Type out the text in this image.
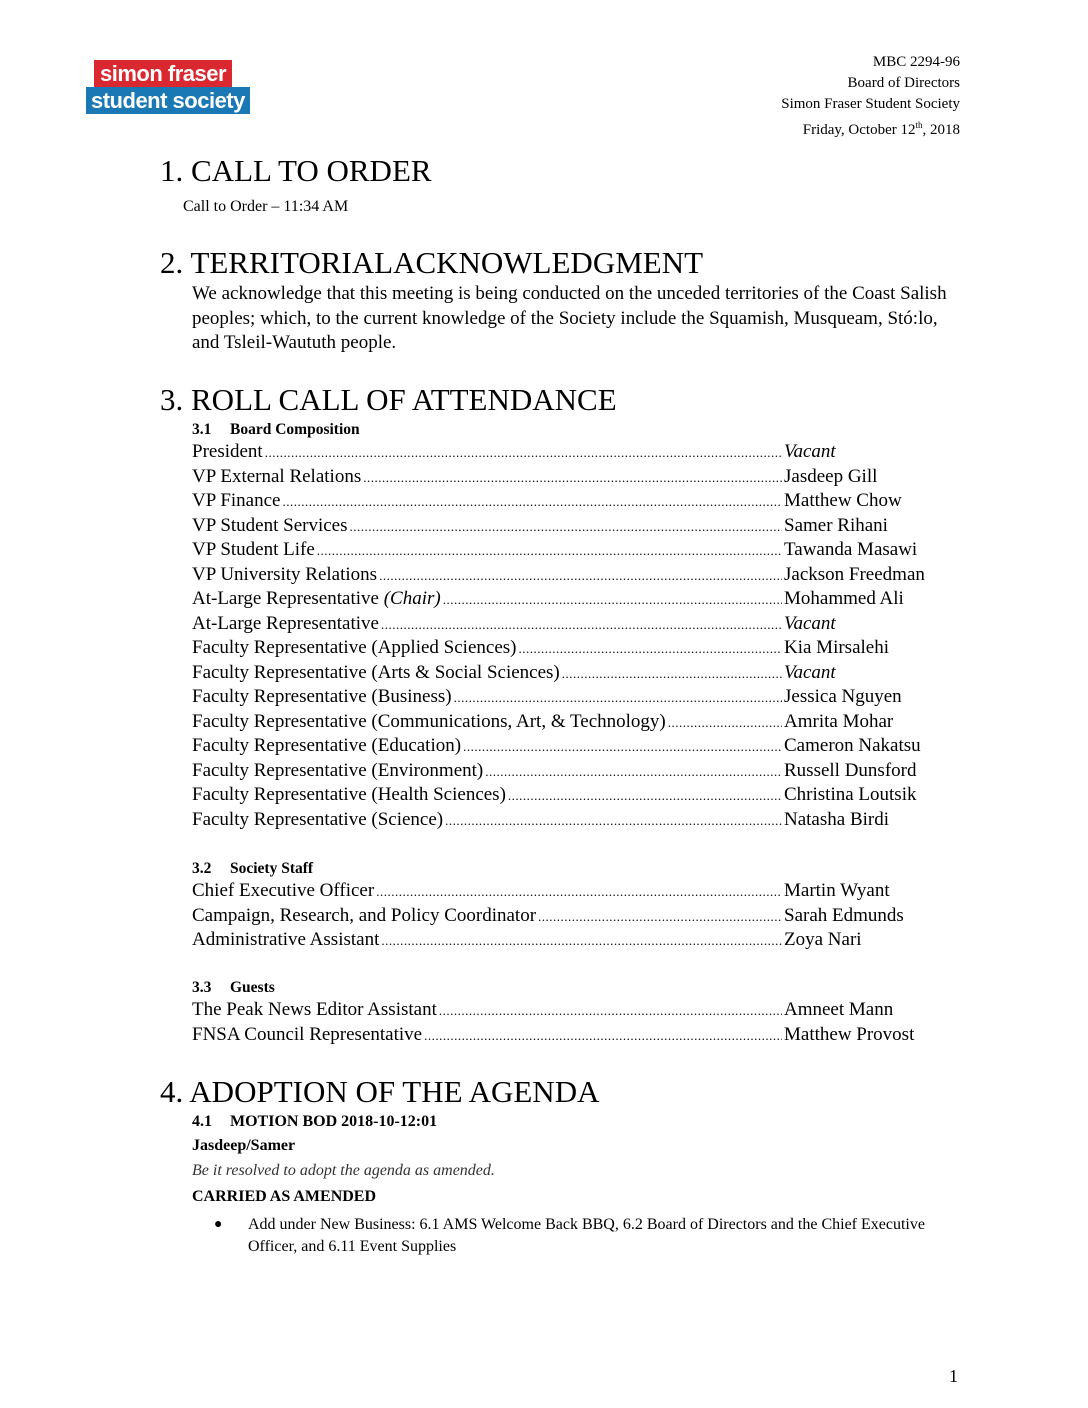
simon fraser
student society
MBC 2294-96
Board of Directors
Simon Fraser Student Society
Friday, October 12th, 2018
1. CALL TO ORDER
Call to Order – 11:34 AM
2. TERRITORIALACKNOWLEDGMENT
We acknowledge that this meeting is being conducted on the unceded territories of the Coast Salish peoples; which, to the current knowledge of the Society include the Squamish, Musqueam, Stó:lo, and Tsleil-Waututh people.
3. ROLL CALL OF ATTENDANCE
3.1 Board Composition
President .....	Vacant
VP External Relations .....	Jasdeep Gill
VP Finance .....	Matthew Chow
VP Student Services .....	Samer Rihani
VP Student Life .....	Tawanda Masawi
VP University Relations .....	Jackson Freedman
At-Large Representative (Chair) .....	Mohammed Ali
At-Large Representative .....	Vacant
Faculty Representative (Applied Sciences) .....	Kia Mirsalehi
Faculty Representative (Arts & Social Sciences) .....	Vacant
Faculty Representative (Business) .....	Jessica Nguyen
Faculty Representative (Communications, Art, & Technology) .....	Amrita Mohar
Faculty Representative (Education) .....	Cameron Nakatsu
Faculty Representative (Environment) .....	Russell Dunsford
Faculty Representative (Health Sciences) .....	Christina Loutsik
Faculty Representative (Science) .....	Natasha Birdi
3.2 Society Staff
Chief Executive Officer .....	Martin Wyant
Campaign, Research, and Policy Coordinator .....	Sarah Edmunds
Administrative Assistant .....	Zoya Nari
3.3 Guests
The Peak News Editor Assistant .....	Amneet Mann
FNSA Council Representative .....	Matthew Provost
4. ADOPTION OF THE AGENDA
4.1 MOTION BOD 2018-10-12:01
Jasdeep/Samer
Be it resolved to adopt the agenda as amended.
CARRIED AS AMENDED
●	Add under New Business: 6.1 AMS Welcome Back BBQ, 6.2 Board of Directors and the Chief Executive Officer, and 6.11 Event Supplies
1
